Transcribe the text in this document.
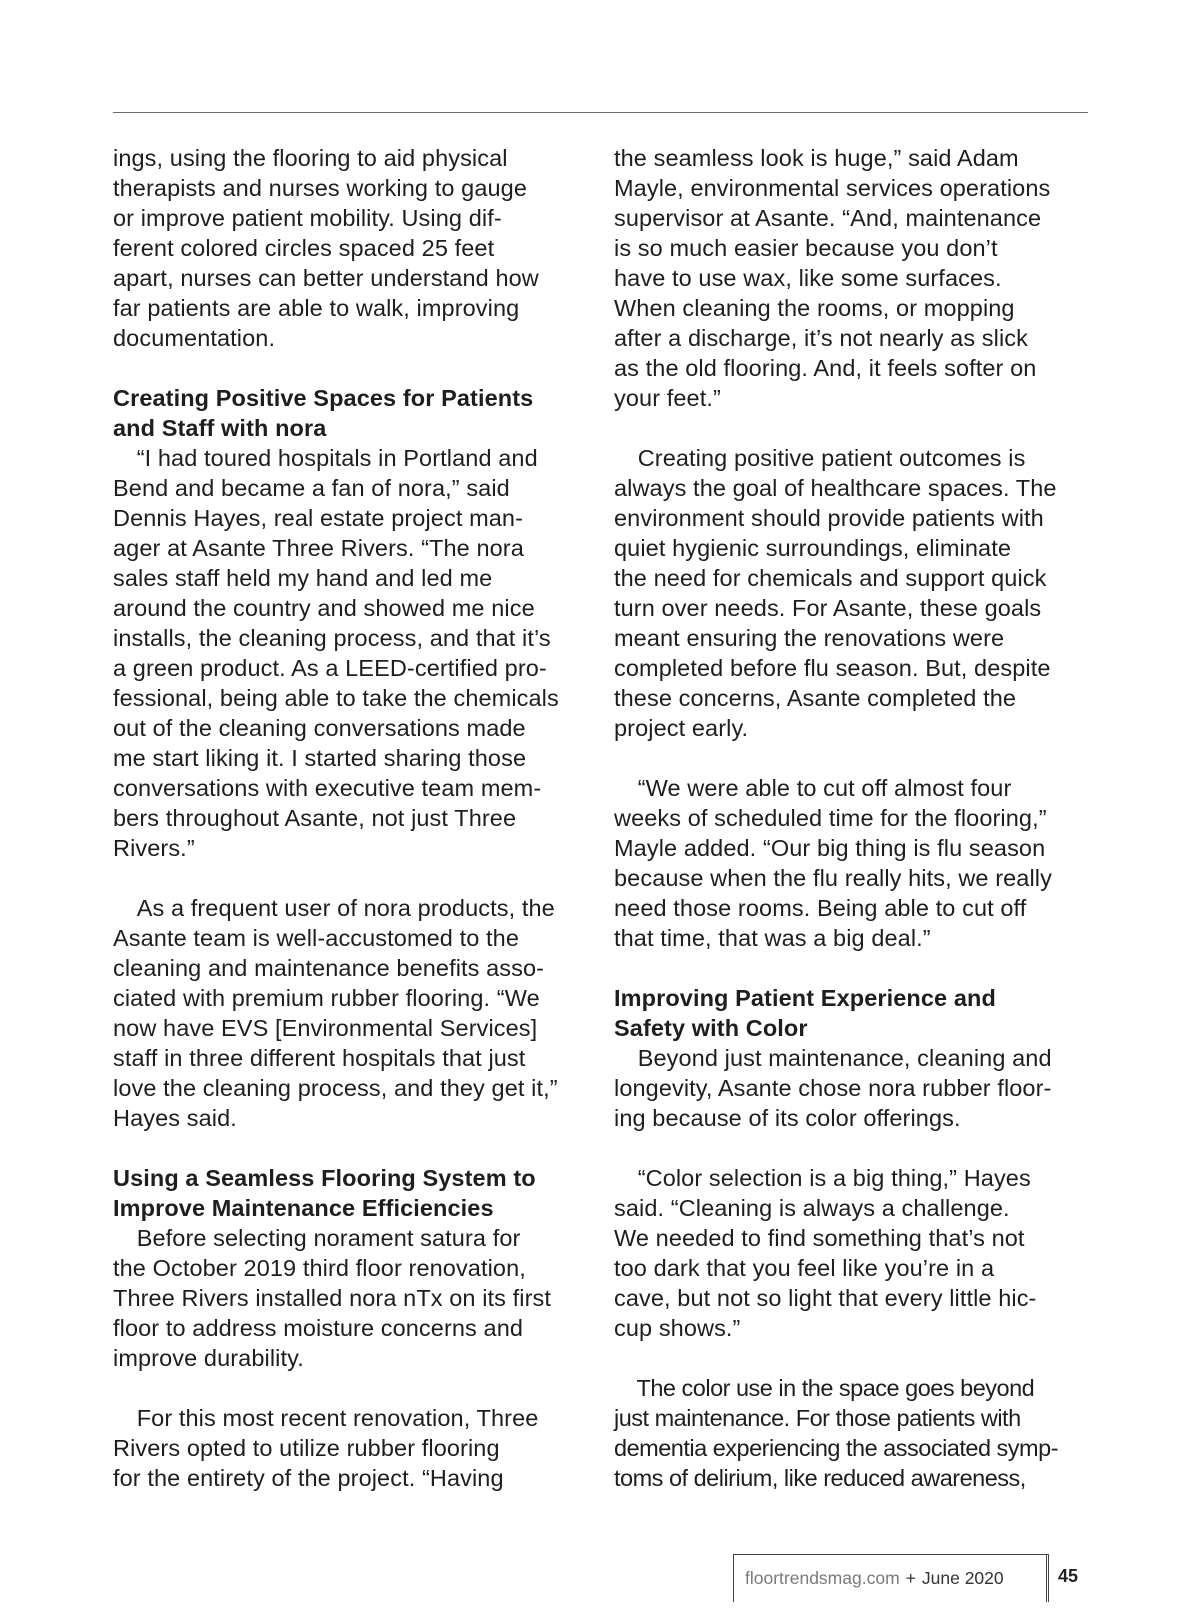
ings, using the flooring to aid physical

therapists and nurses working to gauge

or improve patient mobility. Using dif-

ferent colored circles spaced 25 feet

apart, nurses can better understand how

far patients are able to walk, improving

documentation.

Creating Positive Spaces for Patients

and Staff with nora

  “I had toured hospitals in Portland and

Bend and became a fan of nora,” said

Dennis Hayes, real estate project man-

ager at Asante Three Rivers. “The nora

sales staff held my hand and led me

around the country and showed me nice

installs, the cleaning process, and that it’s

a green product. As a LEED-certified pro-

fessional, being able to take the chemicals

out of the cleaning conversations made

me start liking it. I started sharing those

conversations with executive team mem-

bers throughout Asante, not just Three

Rivers.”

  As a frequent user of nora products, the

Asante team is well-accustomed to the

cleaning and maintenance benefits asso-

ciated with premium rubber flooring. “We

now have EVS [Environmental Services]

staff in three different hospitals that just

love the cleaning process, and they get it,”

Hayes said.

Using a Seamless Flooring System to

Improve Maintenance Efficiencies

  Before selecting norament satura for

the October 2019 third floor renovation,

Three Rivers installed nora nTx on its first

floor to address moisture concerns and

improve durability.

  For this most recent renovation, Three

Rivers opted to utilize rubber flooring

for the entirety of the project. “Having

the seamless look is huge,” said Adam

Mayle, environmental services operations

supervisor at Asante. “And, maintenance

is so much easier because you don’t

have to use wax, like some surfaces.

When cleaning the rooms, or mopping

after a discharge, it’s not nearly as slick

as the old flooring. And, it feels softer on

your feet.”

  Creating positive patient outcomes is

always the goal of healthcare spaces. The

environment should provide patients with

quiet hygienic surroundings, eliminate

the need for chemicals and support quick

turn over needs. For Asante, these goals

meant ensuring the renovations were

completed before flu season. But, despite

these concerns, Asante completed the

project early.

  “We were able to cut off almost four

weeks of scheduled time for the flooring,”

Mayle added. “Our big thing is flu season

because when the flu really hits, we really

need those rooms. Being able to cut off

that time, that was a big deal.”

Improving Patient Experience and

Safety with Color

  Beyond just maintenance, cleaning and

longevity, Asante chose nora rubber floor-

ing because of its color offerings.

  “Color selection is a big thing,” Hayes

said. “Cleaning is always a challenge.

We needed to find something that’s not

too dark that you feel like you’re in a

cave, but not so light that every little hic-

cup shows.”

  The color use in the space goes beyond

just maintenance. For those patients with

dementia experiencing the associated symp-

toms of delirium, like reduced awareness,

floortrendsmag.com + June 2020	45
